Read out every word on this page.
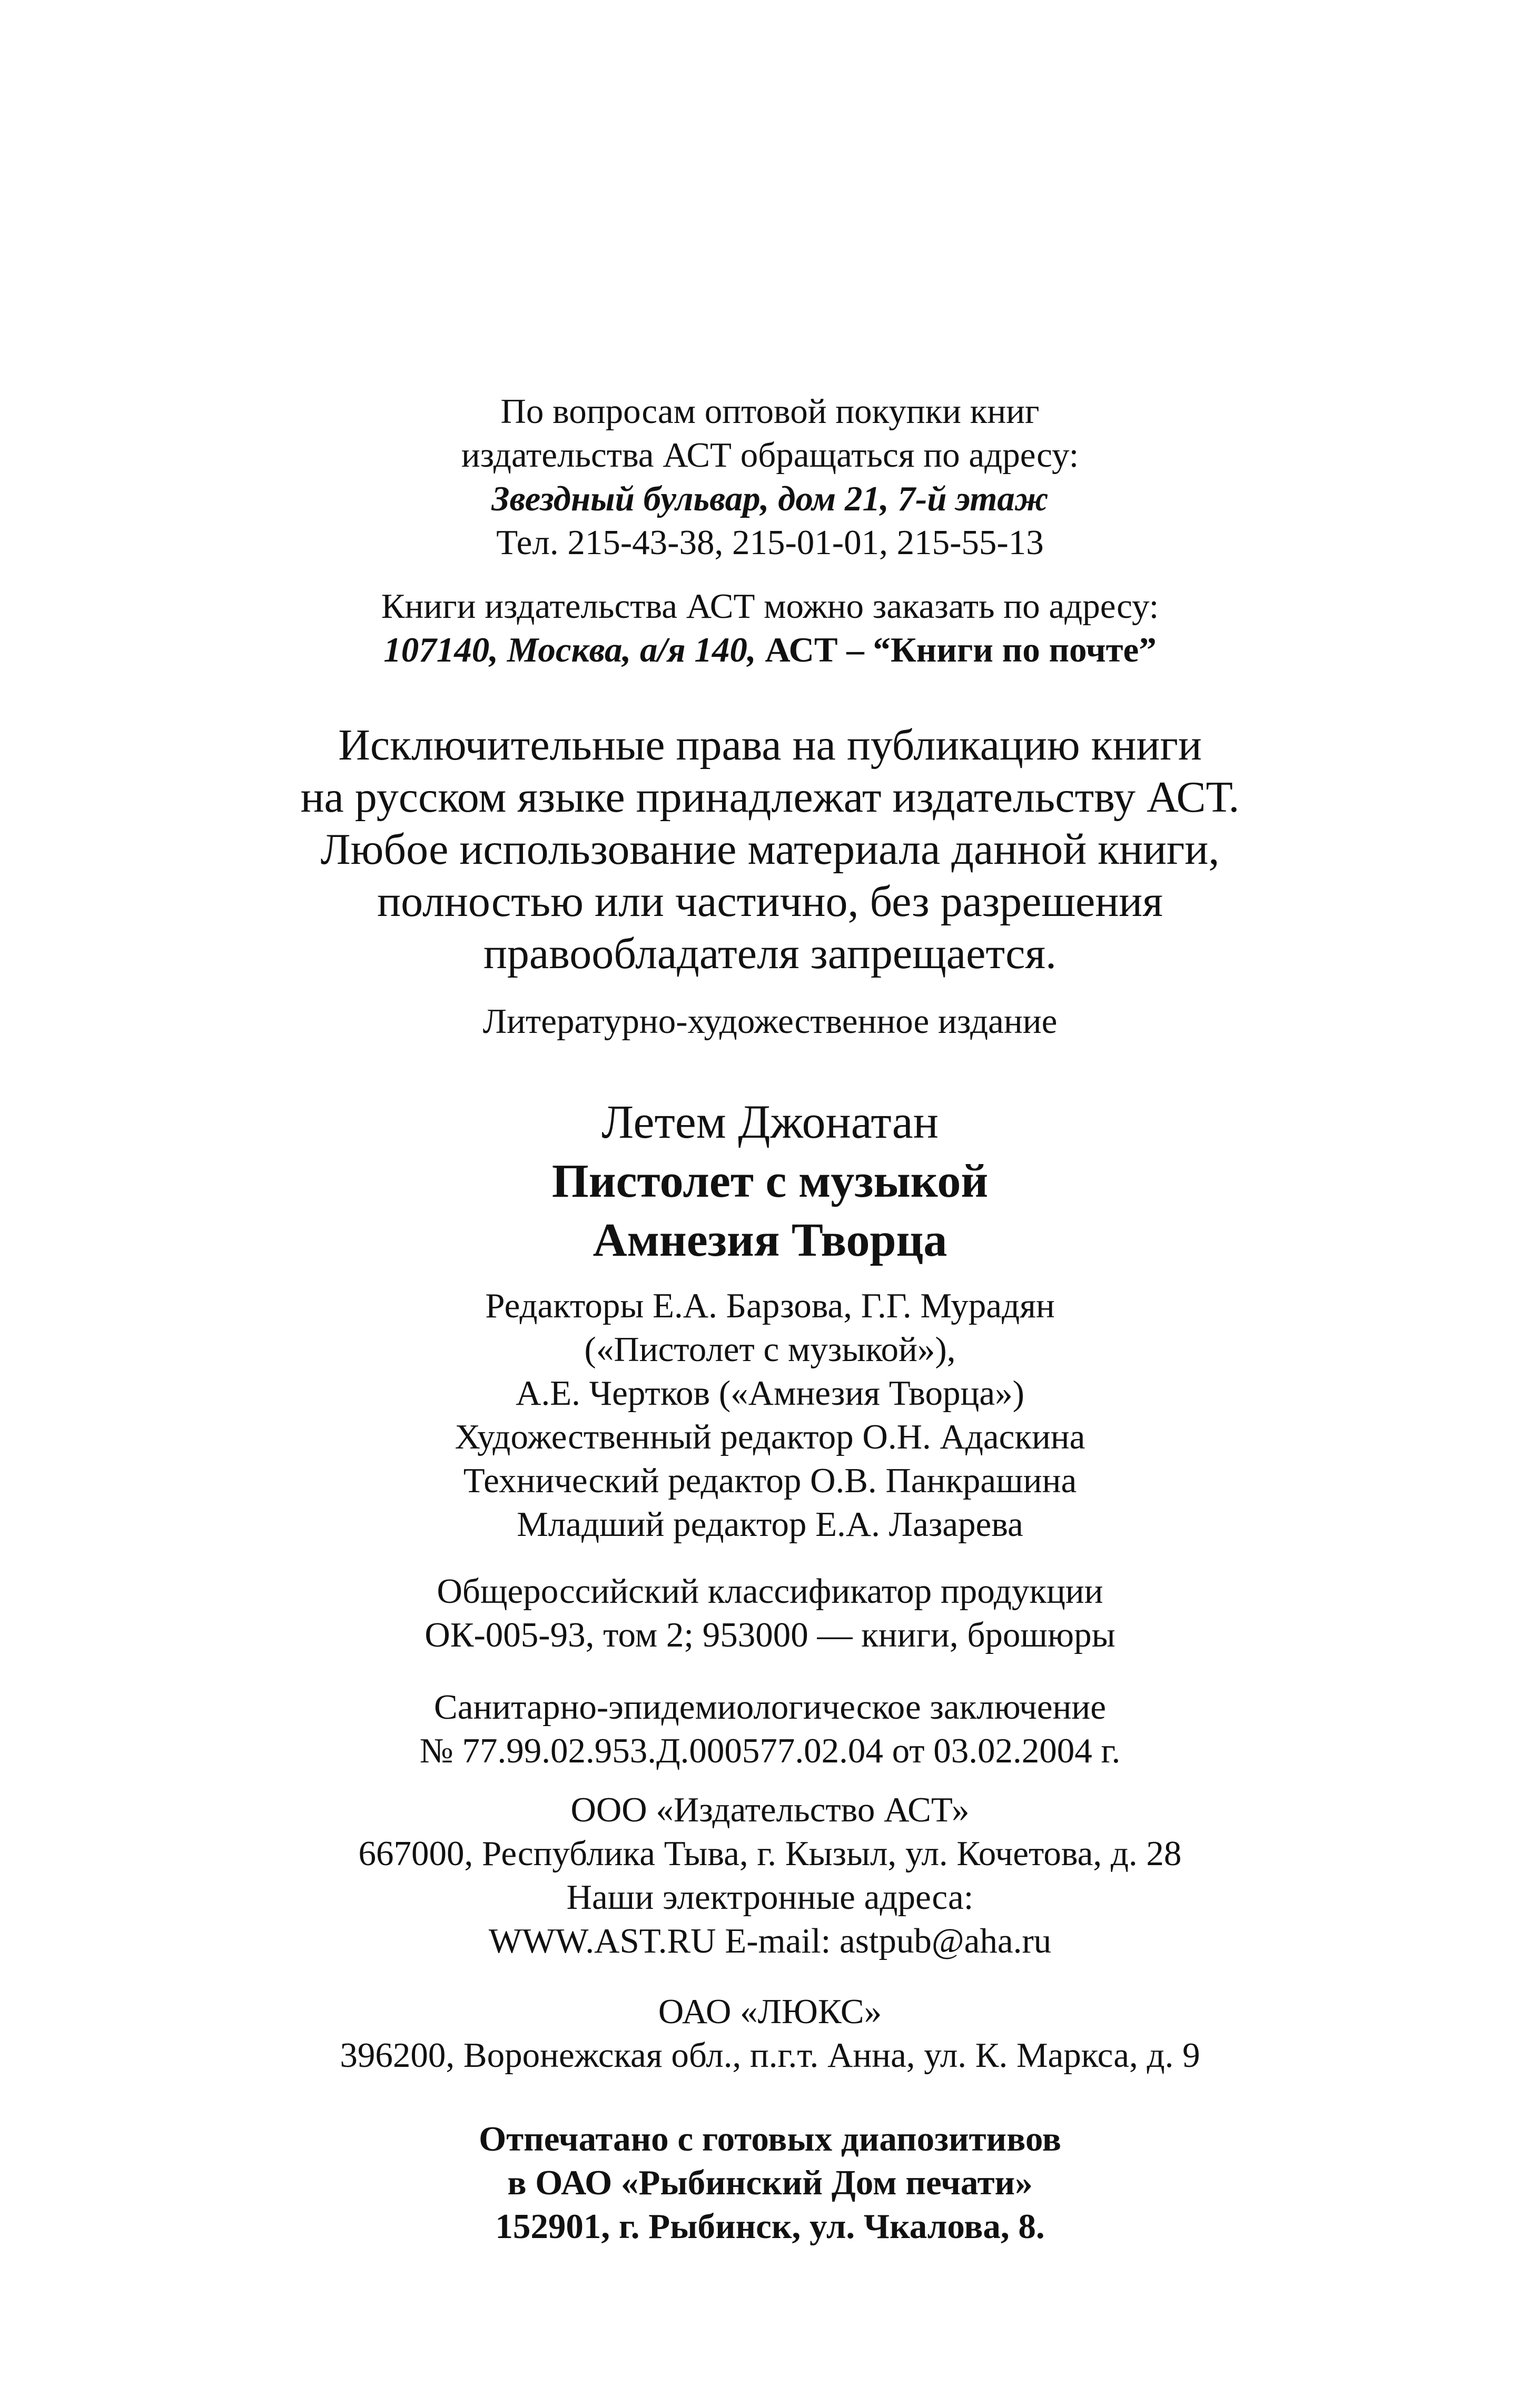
По вопросам оптовой покупки книг
издательства АСТ обращаться по адресу:
Звездный бульвар, дом 21, 7-й этаж
Тел. 215-43-38, 215-01-01, 215-55-13
Книги издательства АСТ можно заказать по адресу:
107140, Москва, а/я 140, АСТ – “Книги по почте”
Исключительные права на публикацию книги
на русском языке принадлежат издательству АСТ.
Любое использование материала данной книги,
полностью или частично, без разрешения
правообладателя запрещается.
Литературно-художественное издание
Летем Джонатан
Пистолет с музыкой
Амнезия Творца
Редакторы Е.А. Барзова, Г.Г. Мурадян
(«Пистолет с музыкой»),
А.Е. Чертков («Амнезия Творца»)
Художественный редактор О.Н. Адаскина
Технический редактор О.В. Панкрашина
Младший редактор Е.А. Лазарева
Общероссийский классификатор продукции
ОК-005-93, том 2; 953000 — книги, брошюры
Санитарно-эпидемиологическое заключение
№ 77.99.02.953.Д.000577.02.04 от 03.02.2004 г.
ООО «Издательство АСТ»
667000, Республика Тыва, г. Кызыл, ул. Кочетова, д. 28
Наши электронные адреса:
WWW.AST.RU E-mail: astpub@aha.ru
ОАО «ЛЮКС»
396200, Воронежская обл., п.г.т. Анна, ул. К. Маркса, д. 9
Отпечатано с готовых диапозитивов
в ОАО «Рыбинский Дом печати»
152901, г. Рыбинск, ул. Чкалова, 8.
